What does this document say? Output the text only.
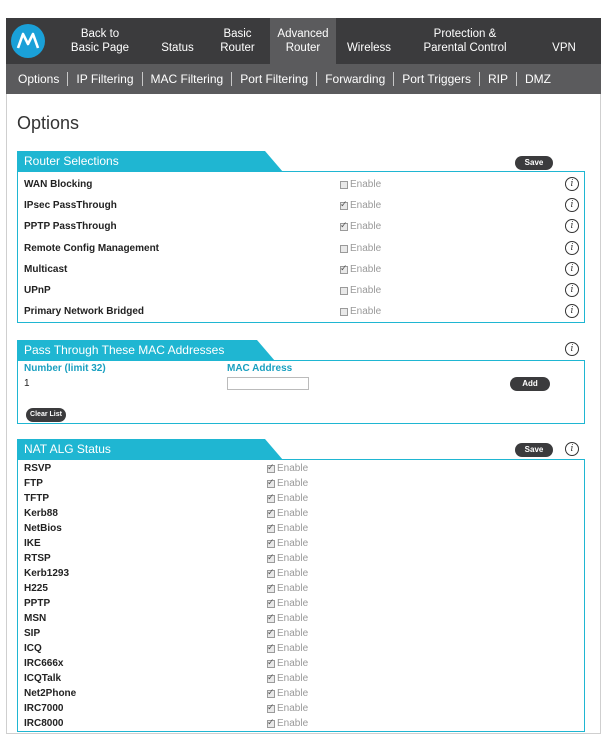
Back to
Basic Page	Status
Basic
Router
Advanced
Router	Wireless
Protection &
Parental Control	VPN
Options IP Filtering MAC Filtering Port Filtering Forwarding Port Triggers RIP DMZ
Options
Router Selections	Save
WAN Blocking	Enable	i
IPsec PassThrough ✓	Enable	i
PPTP PassThrough ✓	Enable	i
Remote Config Management	Enable	i
Multicast ✓	Enable	i
UPnP	Enable	i
Primary Network Bridged	Enable	i
Pass Through These MAC Addresses	i
Number (limit 32)	MAC Address
1	Add
Clear List
NAT ALG Status	Save	i
RSVP ✓	Enable
FTP ✓	Enable
TFTP ✓	Enable
Kerb88 ✓	Enable
NetBios ✓	Enable
IKE ✓	Enable
RTSP ✓	Enable
Kerb1293 ✓	Enable
H225 ✓	Enable
PPTP ✓	Enable
MSN ✓	Enable
SIP ✓	Enable
ICQ ✓	Enable
IRC666x ✓	Enable
ICQTalk ✓	Enable
Net2Phone ✓	Enable
IRC7000 ✓	Enable
IRC8000 ✓	Enable
